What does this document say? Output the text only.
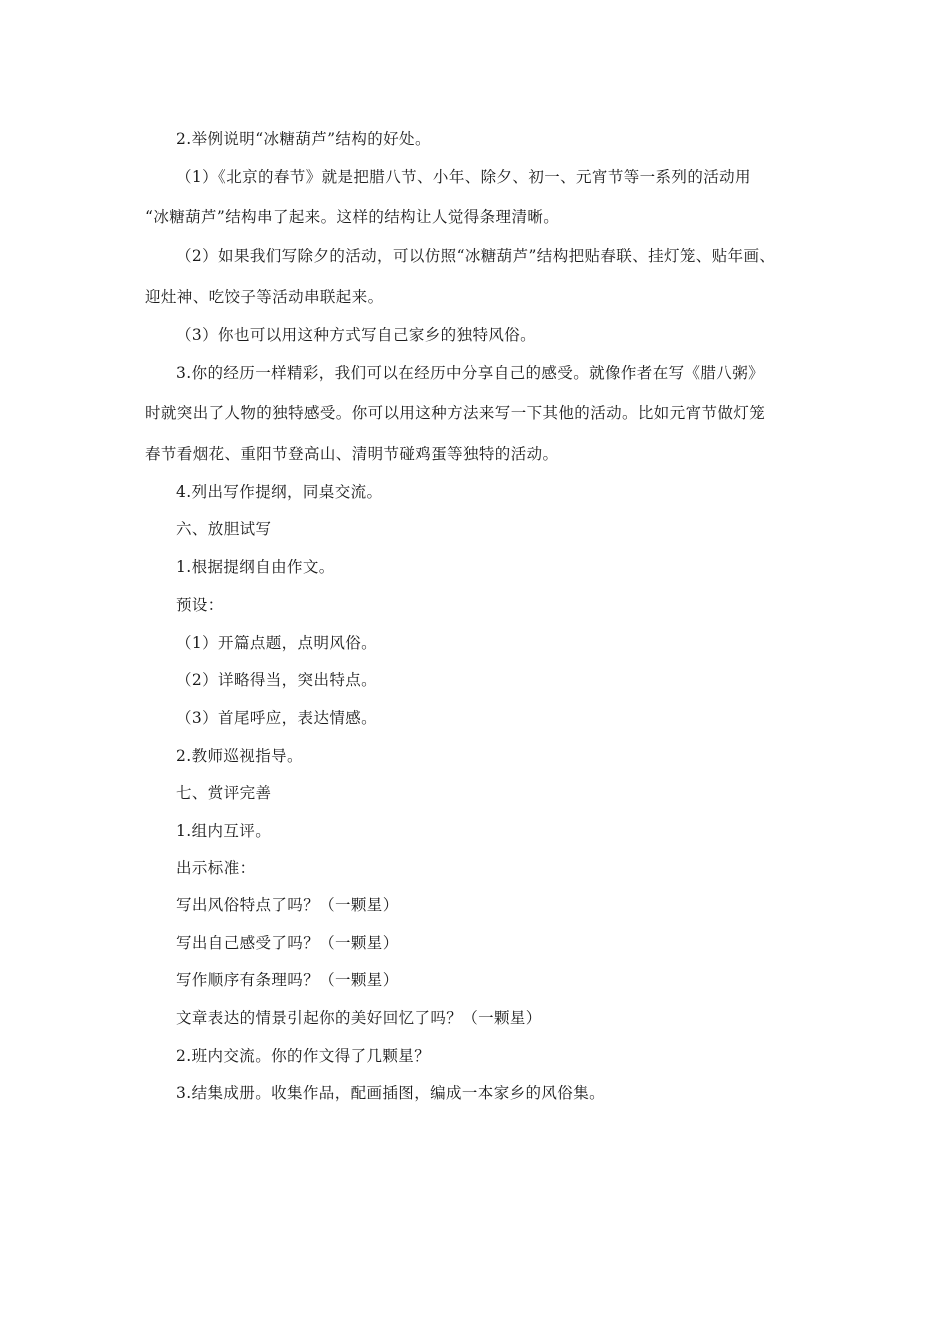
2.举例说明“冰糖葫芦”结构的好处。
（1）《北京的春节》就是把腊八节、小年、除夕、初一、元宵节等一系列的活动用
“冰糖葫芦”结构串了起来。这样的结构让人觉得条理清晰。
（2）如果我们写除夕的活动，可以仿照“冰糖葫芦”结构把贴春联、挂灯笼、贴年画、
迎灶神、吃饺子等活动串联起来。
（3）你也可以用这种方式写自己家乡的独特风俗。
3.你的经历一样精彩，我们可以在经历中分享自己的感受。就像作者在写《腊八粥》
时就突出了人物的独特感受。你可以用这种方法来写一下其他的活动。比如元宵节做灯笼
春节看烟花、重阳节登高山、清明节碰鸡蛋等独特的活动。
4.列出写作提纲，同桌交流。
六、放胆试写
1.根据提纲自由作文。
预设：
（1）开篇点题，点明风俗。
（2）详略得当，突出特点。
（3）首尾呼应，表达情感。
2.教师巡视指导。
七、赏评完善
1.组内互评。
出示标准：
写出风俗特点了吗？（一颗星）
写出自己感受了吗？（一颗星）
写作顺序有条理吗？（一颗星）
文章表达的情景引起你的美好回忆了吗？（一颗星）
2.班内交流。你的作文得了几颗星？
3.结集成册。收集作品，配画插图，编成一本家乡的风俗集。
